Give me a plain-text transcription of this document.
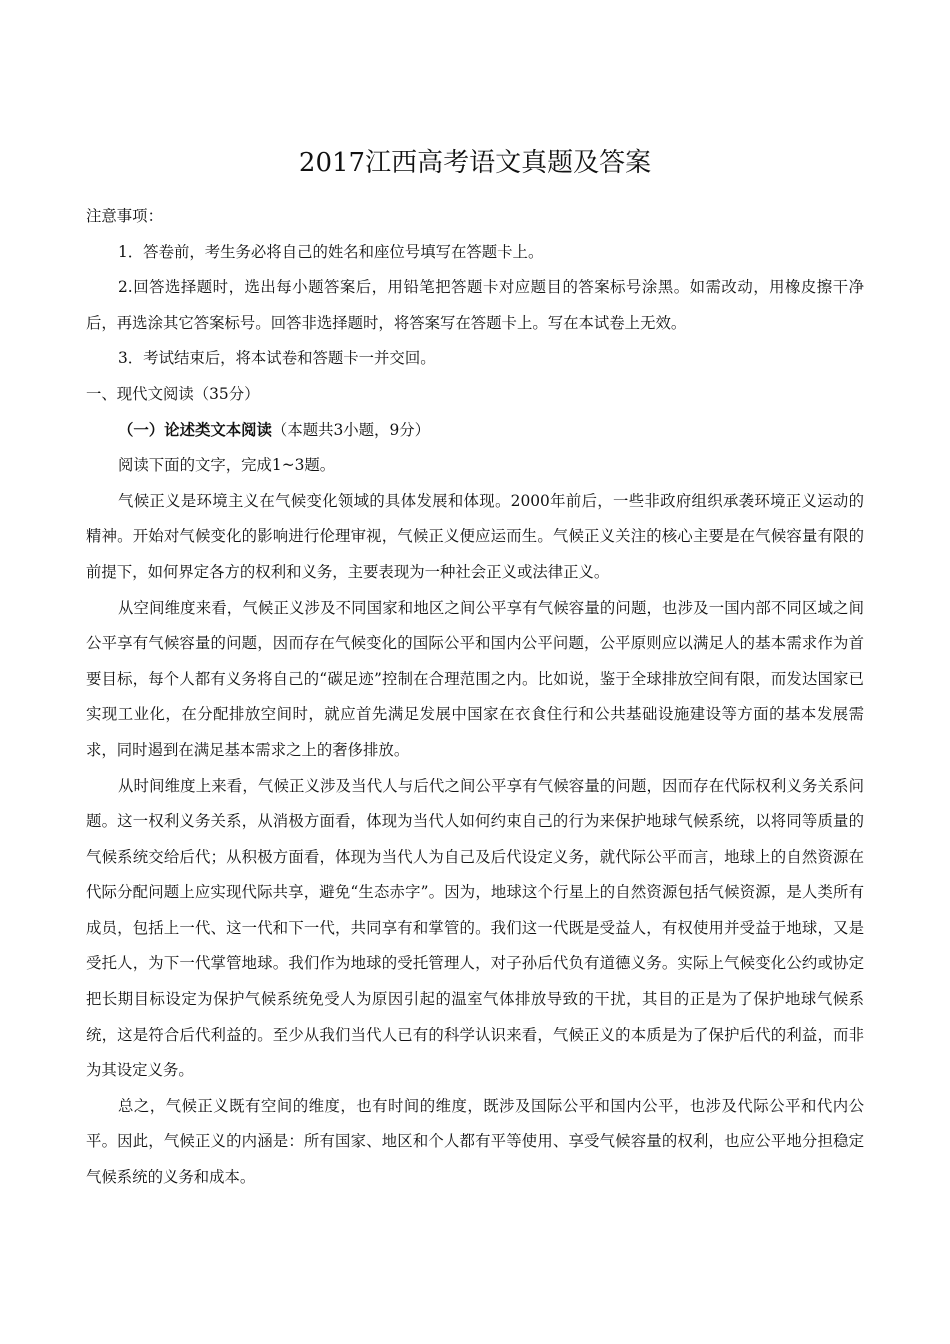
2017江西高考语文真题及答案

注意事项：

1．答卷前，考生务必将自己的姓名和座位号填写在答题卡上。

2.回答选择题时，选出每小题答案后，用铅笔把答题卡对应题目的答案标号涂黑。如需改动，用橡皮擦干净后，再选涂其它答案标号。回答非选择题时，将答案写在答题卡上。写在本试卷上无效。

3．考试结束后，将本试卷和答题卡一并交回。

一、现代文阅读（35分）

（一）论述类文本阅读（本题共3小题，9分）

阅读下面的文字，完成1~3题。

气候正义是环境主义在气候变化领域的具体发展和体现。2000年前后，一些非政府组织承袭环境正义运动的精神。开始对气候变化的影响进行伦理审视，气候正义便应运而生。气候正义关注的核心主要是在气候容量有限的前提下，如何界定各方的权利和义务，主要表现为一种社会正义或法律正义。

从空间维度来看，气候正义涉及不同国家和地区之间公平享有气候容量的问题，也涉及一国内部不同区域之间公平享有气候容量的问题，因而存在气候变化的国际公平和国内公平问题，公平原则应以满足人的基本需求作为首要目标，每个人都有义务将自己的“碳足迹”控制在合理范围之内。比如说，鉴于全球排放空间有限，而发达国家已实现工业化，在分配排放空间时，就应首先满足发展中国家在衣食住行和公共基础设施建设等方面的基本发展需求，同时遏到在满足基本需求之上的奢侈排放。

从时间维度上来看，气候正义涉及当代人与后代之间公平享有气候容量的问题，因而存在代际权利义务关系问题。这一权利义务关系，从消极方面看，体现为当代人如何约束自己的行为来保护地球气候系统，以将同等质量的气候系统交给后代；从积极方面看，体现为当代人为自己及后代设定义务，就代际公平而言，地球上的自然资源在代际分配问题上应实现代际共享，避免“生态赤字”。因为，地球这个行星上的自然资源包括气候资源，是人类所有成员，包括上一代、这一代和下一代，共同享有和掌管的。我们这一代既是受益人，有权使用并受益于地球，又是受托人，为下一代掌管地球。我们作为地球的受托管理人，对子孙后代负有道德义务。实际上气候变化公约或协定把长期目标设定为保护气候系统免受人为原因引起的温室气体排放导致的干扰，其目的正是为了保护地球气候系统，这是符合后代利益的。至少从我们当代人已有的科学认识来看，气候正义的本质是为了保护后代的利益，而非为其设定义务。

总之，气候正义既有空间的维度，也有时间的维度，既涉及国际公平和国内公平，也涉及代际公平和代内公平。因此，气候正义的内涵是：所有国家、地区和个人都有平等使用、享受气候容量的权利，也应公平地分担稳定气候系统的义务和成本。
